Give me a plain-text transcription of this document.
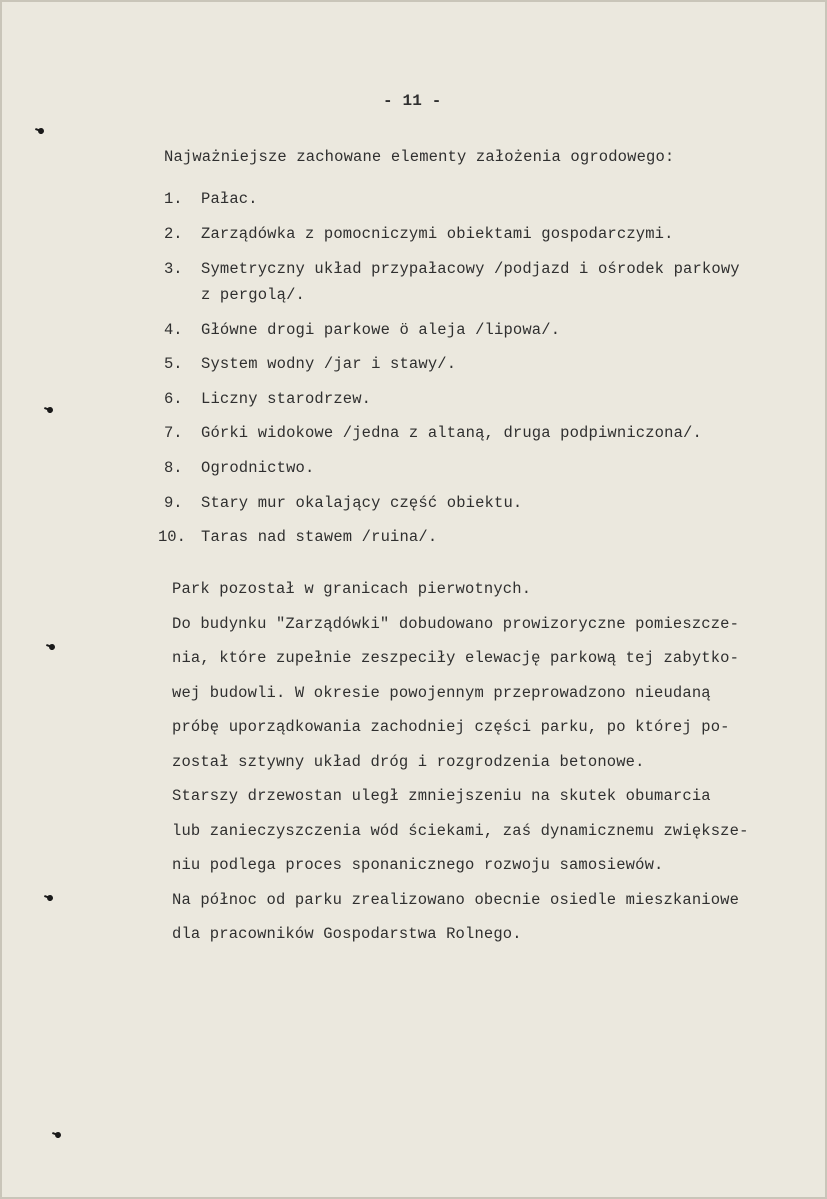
- 11 -
Najważniejsze zachowane elementy założenia ogrodowego:
1. Pałac.
2. Zarządówka z pomocniczymi obiektami gospodarczymi.
3. Symetryczny układ przypałacowy /podjazd i ośrodek parkowy
z pergolą/.
4. Główne drogi parkowe ö aleja /lipowa/.
5. System wodny /jar i stawy/.
6. Liczny starodrzew.
7. Górki widokowe /jedna z altaną, druga podpiwniczona/.
8. Ogrodnictwo.
9. Stary mur okalający część obiektu.
10. Taras nad stawem /ruina/.
Park pozostał w granicach pierwotnych.
Do budynku "Zarządówki" dobudowano prowizoryczne pomieszcze-
nia, które zupełnie zeszpeciły elewację parkową tej zabytko-
wej budowli. W okresie powojennym przeprowadzono nieudaną
próbę uporządkowania zachodniej części parku, po której po-
został sztywny układ dróg i rozgrodzenia betonowe.
Starszy drzewostan uległ zmniejszeniu na skutek obumarcia
lub zanieczyszczenia wód ściekami, zaś dynamicznemu zwiększe-
niu podlega proces sponanicznego rozwoju samosiewów.
Na północ od parku zrealizowano obecnie osiedle mieszkaniowe
dla pracowników Gospodarstwa Rolnego.
